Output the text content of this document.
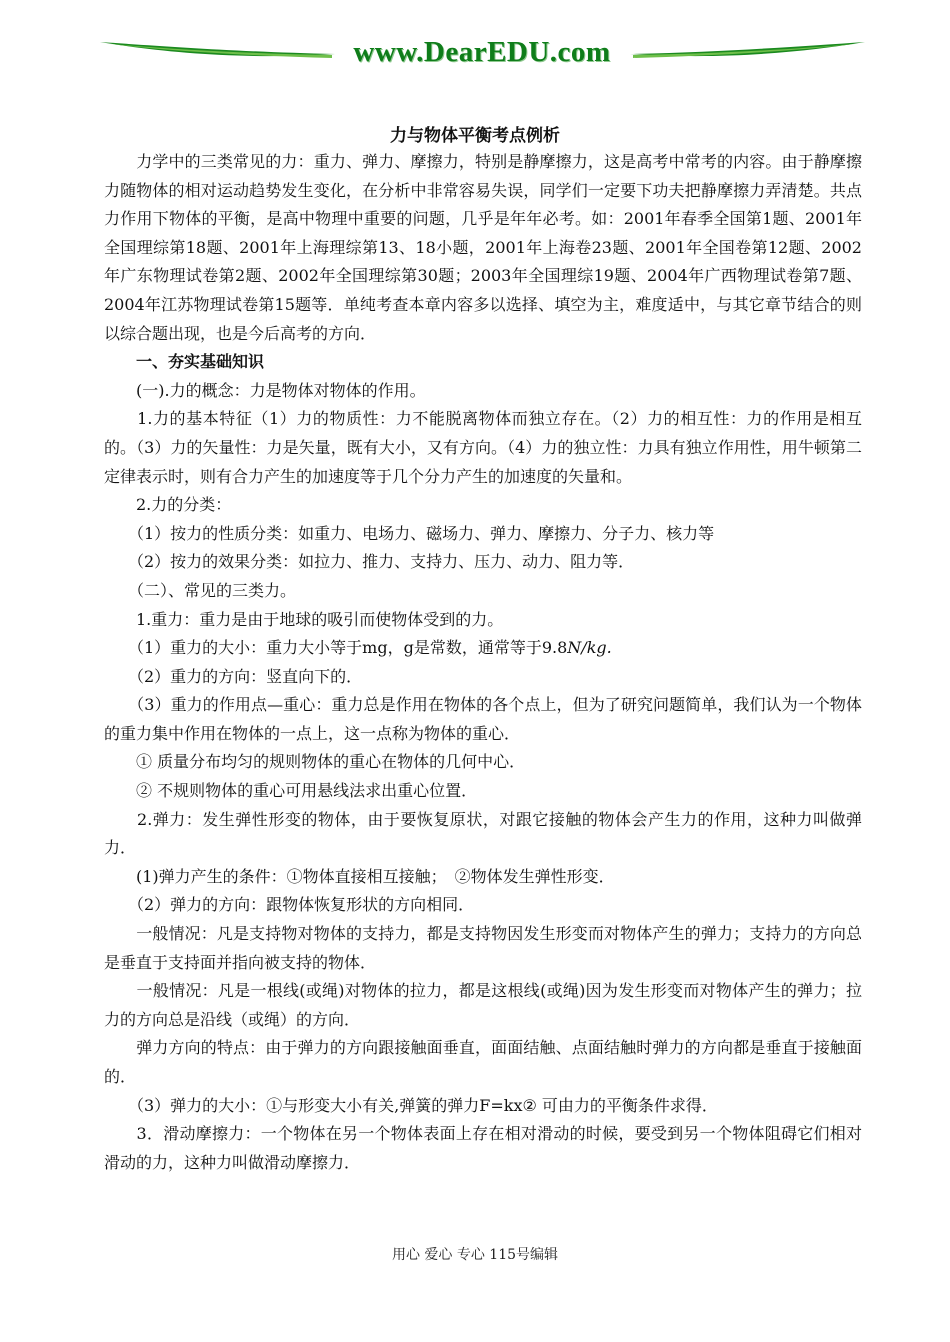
www.DearEDU.com
力与物体平衡考点例析

　　力学中的三类常见的力：重力、弹力、摩擦力，特别是静摩擦力，这是高考中常考的内容。由于静摩擦力随物体的相对运动趋势发生变化，在分析中非常容易失误，同学们一定要下功夫把静摩擦力弄清楚。共点力作用下物体的平衡，是高中物理中重要的问题，几乎是年年必考。如：2001年春季全国第1题、2001年全国理综第18题、2001年上海理综第13、18小题，2001年上海卷23题、2001年全国卷第12题、2002年广东物理试卷第2题、2002年全国理综第30题；2003年全国理综19题、2004年广西物理试卷第7题、2004年江苏物理试卷第15题等．单纯考查本章内容多以选择、填空为主，难度适中，与其它章节结合的则以综合题出现，也是今后高考的方向．

　　一、夯实基础知识

　　(一).力的概念：力是物体对物体的作用。

　　1.力的基本特征（1）力的物质性：力不能脱离物体而独立存在。（2）力的相互性：力的作用是相互的。（3）力的矢量性：力是矢量，既有大小，又有方向。（4）力的独立性：力具有独立作用性，用牛顿第二定律表示时，则有合力产生的加速度等于几个分力产生的加速度的矢量和。

　　2.力的分类：

　　（1）按力的性质分类：如重力、电场力、磁场力、弹力、摩擦力、分子力、核力等

　　（2）按力的效果分类：如拉力、推力、支持力、压力、动力、阻力等．

　　（二）、常见的三类力。

　　1.重力：重力是由于地球的吸引而使物体受到的力。

　　（1）重力的大小：重力大小等于mg，g是常数，通常等于9.8N/kg.

　　（2）重力的方向：竖直向下的．

　　（3）重力的作用点—重心：重力总是作用在物体的各个点上，但为了研究问题简单，我们认为一个物体的重力集中作用在物体的一点上，这一点称为物体的重心．

　　① 质量分布均匀的规则物体的重心在物体的几何中心．

　　② 不规则物体的重心可用悬线法求出重心位置．

　　2.弹力：发生弹性形变的物体，由于要恢复原状，对跟它接触的物体会产生力的作用，这种力叫做弹力．

　　(1)弹力产生的条件：①物体直接相互接触；　②物体发生弹性形变．

　　（2）弹力的方向：跟物体恢复形状的方向相同．

　　一般情况：凡是支持物对物体的支持力，都是支持物因发生形变而对物体产生的弹力；支持力的方向总是垂直于支持面并指向被支持的物体．

　　一般情况：凡是一根线(或绳)对物体的拉力，都是这根线(或绳)因为发生形变而对物体产生的弹力；拉力的方向总是沿线（或绳）的方向．

　　弹力方向的特点：由于弹力的方向跟接触面垂直，面面结触、点面结触时弹力的方向都是垂直于接触面的．

　　（3）弹力的大小：①与形变大小有关,弹簧的弹力F=kx② 可由力的平衡条件求得．

　　3．滑动摩擦力：一个物体在另一个物体表面上存在相对滑动的时候，要受到另一个物体阻碍它们相对滑动的力，这种力叫做滑动摩擦力．

用心 爱心 专心 115号编辑
